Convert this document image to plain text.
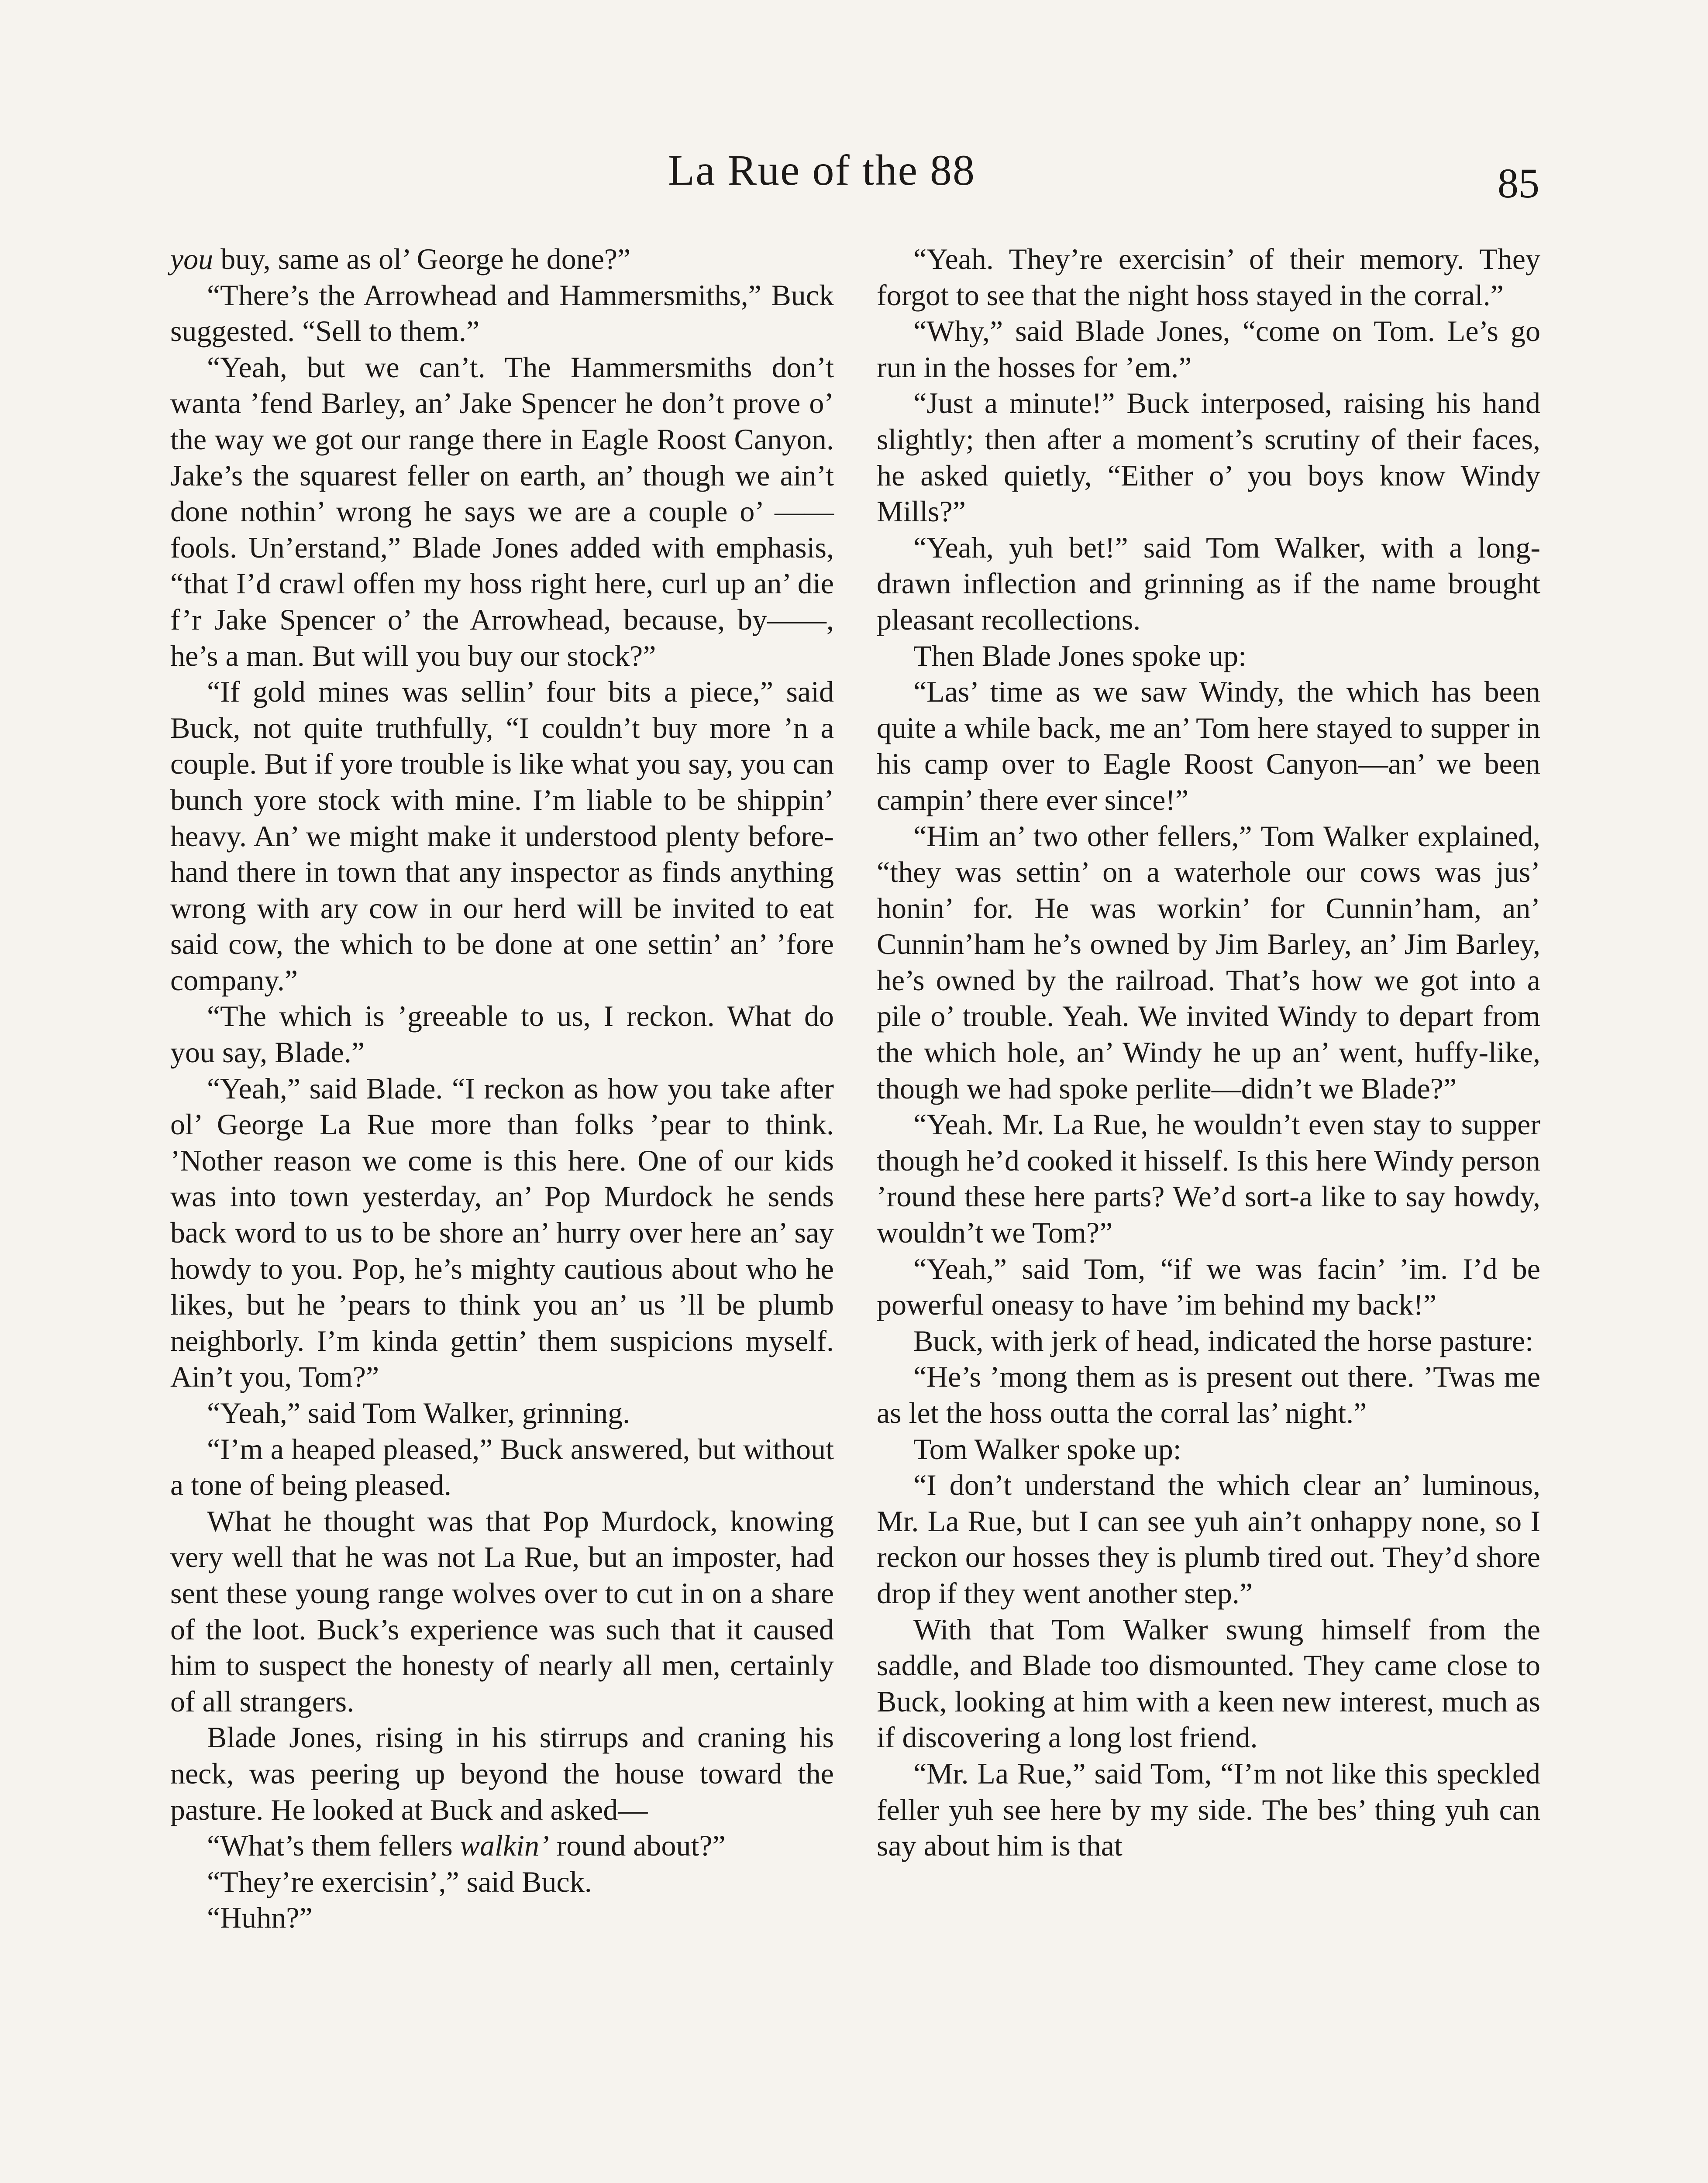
La Rue of the 88	85

you buy, same as ol’ George he done?”

“There’s the Arrowhead and Hammersmiths,” Buck suggested. “Sell to them.”

“Yeah, but we can’t. The Hammersmiths don’t wanta ’fend Barley, an’ Jake Spencer he don’t prove o’ the way we got our range there in Eagle Roost Canyon. Jake’s the squarest feller on earth, an’ though we ain’t done nothin’ wrong he says we are a couple o’ —— fools. Un’erstand,” Blade Jones added with emphasis, “that I’d crawl offen my hoss right here, curl up an’ die f’r Jake Spencer o’ the Arrowhead, because, by——, he’s a man. But will you buy our stock?”

“If gold mines was sellin’ four bits a piece,” said Buck, not quite truthfully, “I couldn’t buy more ’n a couple. But if yore trouble is like what you say, you can bunch yore stock with mine. I’m liable to be shippin’ heavy. An’ we might make it understood plenty before-hand there in town that any inspector as finds anything wrong with ary cow in our herd will be invited to eat said cow, the which to be done at one settin’ an’ ’fore company.”

“The which is ’greeable to us, I reckon. What do you say, Blade.”

“Yeah,” said Blade. “I reckon as how you take after ol’ George La Rue more than folks ’pear to think. ’Nother reason we come is this here. One of our kids was into town yesterday, an’ Pop Murdock he sends back word to us to be shore an’ hurry over here an’ say howdy to you. Pop, he’s mighty cautious about who he likes, but he ’pears to think you an’ us ’ll be plumb neighborly. I’m kinda gettin’ them suspicions myself. Ain’t you, Tom?”

“Yeah,” said Tom Walker, grinning.

“I’m a heaped pleased,” Buck answered, but without a tone of being pleased.

What he thought was that Pop Murdock, knowing very well that he was not La Rue, but an imposter, had sent these young range wolves over to cut in on a share of the loot. Buck’s experience was such that it caused him to suspect the honesty of nearly all men, certainly of all strangers.

Blade Jones, rising in his stirrups and craning his neck, was peering up beyond the house toward the pasture. He looked at Buck and asked—

“What’s them fellers walkin’ round about?”

“They’re exercisin’,” said Buck.

“Huhn?”

“Yeah. They’re exercisin’ of their memory. They forgot to see that the night hoss stayed in the corral.”

“Why,” said Blade Jones, “come on Tom. Le’s go run in the hosses for ’em.”

“Just a minute!” Buck interposed, raising his hand slightly; then after a moment’s scrutiny of their faces, he asked quietly, “Either o’ you boys know Windy Mills?”

“Yeah, yuh bet!” said Tom Walker, with a long-drawn inflection and grinning as if the name brought pleasant recollections.

Then Blade Jones spoke up:

“Las’ time as we saw Windy, the which has been quite a while back, me an’ Tom here stayed to supper in his camp over to Eagle Roost Canyon—an’ we been campin’ there ever since!”

“Him an’ two other fellers,” Tom Walker explained, “they was settin’ on a waterhole our cows was jus’ honin’ for. He was workin’ for Cunnin’ham, an’ Cunnin’ham he’s owned by Jim Barley, an’ Jim Barley, he’s owned by the railroad. That’s how we got into a pile o’ trouble. Yeah. We invited Windy to depart from the which hole, an’ Windy he up an’ went, huffy-like, though we had spoke perlite—didn’t we Blade?”

“Yeah. Mr. La Rue, he wouldn’t even stay to supper though he’d cooked it hisself. Is this here Windy person ’round these here parts? We’d sort-a like to say howdy, wouldn’t we Tom?”

“Yeah,” said Tom, “if we was facin’ ’im. I’d be powerful oneasy to have ’im behind my back!”

Buck, with jerk of head, indicated the horse pasture:

“He’s ’mong them as is present out there. ’Twas me as let the hoss outta the corral las’ night.”

Tom Walker spoke up:

“I don’t understand the which clear an’ luminous, Mr. La Rue, but I can see yuh ain’t onhappy none, so I reckon our hosses they is plumb tired out. They’d shore drop if they went another step.”

With that Tom Walker swung himself from the saddle, and Blade too dismounted. They came close to Buck, looking at him with a keen new interest, much as if discovering a long lost friend.

“Mr. La Rue,” said Tom, “I’m not like this speckled feller yuh see here by my side. The bes’ thing yuh can say about him is that
